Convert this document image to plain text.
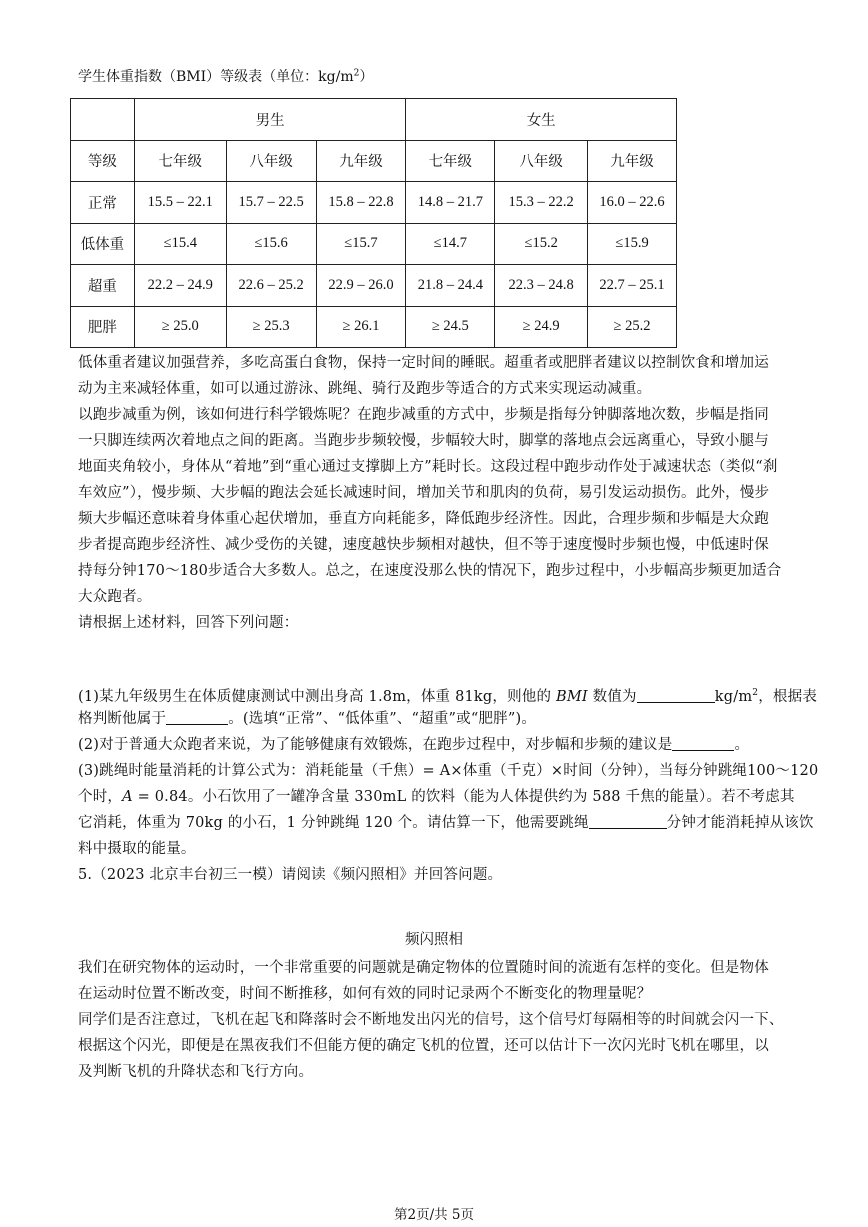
学生体重指数（BMI）等级表（单位：$kg/m^2$）
	男生			女生		
等级	七年级	八年级	九年级	七年级	八年级	九年级
正常	15.5 – 22.1	15.7 – 22.5	15.8 – 22.8	14.8 – 21.7	15.3 – 22.2	16.0 – 22.6
低体重	≤15.4	≤15.6	≤15.7	≤14.7	≤15.2	≤15.9
超重	22.2 – 24.9	22.6 – 25.2	22.9 – 26.0	21.8 – 24.4	22.3 – 24.8	22.7 – 25.1
肥胖	≥ 25.0	≥ 25.3	≥ 26.1	≥ 24.5	≥ 24.9	≥ 25.2
低体重者建议加强营养，多吃高蛋白食物，保持一定时间的睡眠。超重者或肥胖者建议以控制饮食和增加运
动为主来减轻体重，如可以通过游泳、跳绳、骑行及跑步等适合的方式来实现运动减重。
以跑步减重为例，该如何进行科学锻炼呢？在跑步减重的方式中，步频是指每分钟脚落地次数，步幅是指同
一只脚连续两次着地点之间的距离。当跑步步频较慢，步幅较大时，脚掌的落地点会远离重心，导致小腿与
地面夹角较小，身体从“着地”到“重心通过支撑脚上方”耗时长。这段过程中跑步动作处于减速状态（类似“刹
车效应”），慢步频、大步幅的跑法会延长减速时间，增加关节和肌肉的负荷，易引发运动损伤。此外，慢步
频大步幅还意味着身体重心起伏增加，垂直方向耗能多，降低跑步经济性。因此，合理步频和步幅是大众跑
步者提高跑步经济性、减少受伤的关键，速度越快步频相对越快，但不等于速度慢时步频也慢，中低速时保
持每分钟170～180步适合大多数人。总之，在速度没那么快的情况下，跑步过程中，小步幅高步频更加适合
大众跑者。
请根据上述材料，回答下列问题：
(1)某九年级男生在体质健康测试中测出身高 1.8m，体重 81kg，则他的 BMI 数值为	$kg/m^2$，根据表
格判断他属于	。(选填“正常”、“低体重”、“超重”或“肥胖”)。
(2)对于普通大众跑者来说，为了能够健康有效锻炼，在跑步过程中，对步幅和步频的建议是	。
(3)跳绳时能量消耗的计算公式为：消耗能量（千焦）= A×体重（千克）×时间（分钟），当每分钟跳绳100～120
个时，A = 0.84。小石饮用了一罐净含量 330mL 的饮料（能为人体提供约为 588 千焦的能量）。若不考虑其
它消耗，体重为 70kg 的小石，1 分钟跳绳 120 个。请估算一下，他需要跳绳	分钟才能消耗掉从该饮
料中摄取的能量。
5.（2023 北京丰台初三一模）请阅读《频闪照相》并回答问题。
频闪照相
我们在研究物体的运动时，一个非常重要的问题就是确定物体的位置随时间的流逝有怎样的变化。但是物体
在运动时位置不断改变，时间不断推移，如何有效的同时记录两个不断变化的物理量呢？
同学们是否注意过，飞机在起飞和降落时会不断地发出闪光的信号，这个信号灯每隔相等的时间就会闪一下、
根据这个闪光，即便是在黑夜我们不但能方便的确定飞机的位置，还可以估计下一次闪光时飞机在哪里，以
及判断飞机的升降状态和飞行方向。
第2页/共 5页
